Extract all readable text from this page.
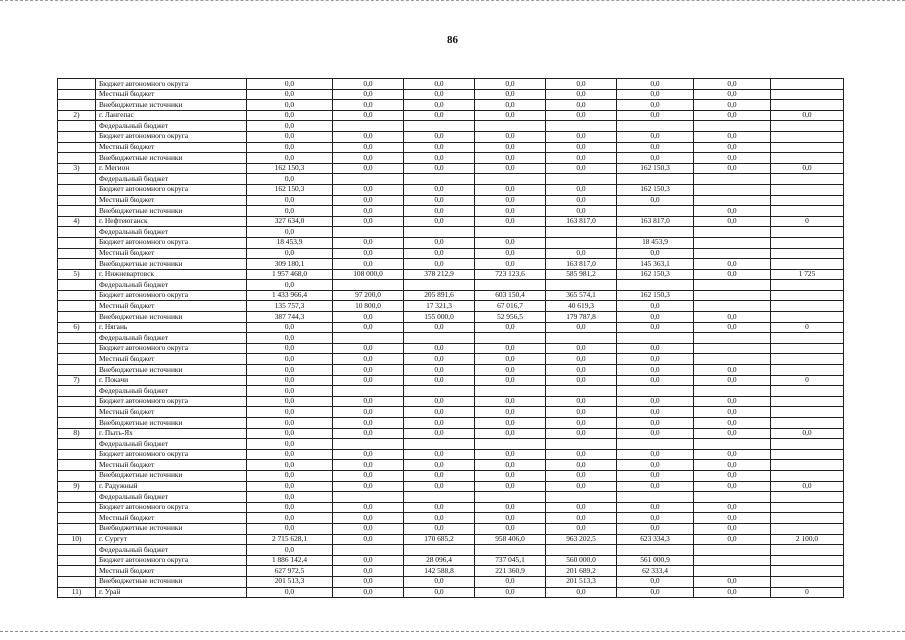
86
	Бюджет автономного округа	0,0	0,0	0,0	0,0	0,0	0,0	0,0	
	Местный бюджет	0,0	0,0	0,0	0,0	0,0	0,0	0,0	
	Внебюджетные источники	0,0	0,0	0,0	0,0	0,0	0,0	0,0	
2)	г. Лангепас	0,0	0,0	0,0	0,0	0,0	0,0	0,0	0,0
	Федеральный бюджет	0,0							
	Бюджет автономного округа	0,0	0,0	0,0	0,0	0,0	0,0	0,0	
	Местный бюджет	0,0	0,0	0,0	0,0	0,0	0,0	0,0	
	Внебюджетные источники	0,0	0,0	0,0	0,0	0,0	0,0	0,0	
3)	г. Мегион	162 150,3	0,0	0,0	0,0	0,0	162 150,3	0,0	0,0
	Федеральный бюджет	0,0							
	Бюджет автономного округа	162 150,3	0,0	0,0	0,0	0,0	162 150,3		
	Местный бюджет	0,0	0,0	0,0	0,0	0,0	0,0		
	Внебюджетные источники	0,0	0,0	0,0	0,0	0,0		0,0	
4)	г. Нефтеюганск	327 634,0	0,0	0,0	0,0	163 817,0	163 817,0	0,0	0
	Федеральный бюджет	0,0							
	Бюджет автономного округа	18 453,9	0,0	0,0	0,0		18 453,9		
	Местный бюджет	0,0	0,0	0,0	0,0	0,0	0,0		
	Внебюджетные источники	309 180,1	0,0	0,0	0,0	163 817,0	145 363,1	0,0	
5)	г. Нижневартовск	1 957 468,0	108 000,0	378 212,9	723 123,6	585 981,2	162 150,3	0,0	1 725
	Федеральный бюджет	0,0							
	Бюджет автономного округа	1 433 966,4	97 200,0	205 891,6	603 150,4	365 574,1	162 150,3		
	Местный бюджет	135 757,3	10 800,0	17 321,3	67 016,7	40 619,3	0,0		
	Внебюджетные источники	387 744,3	0,0	155 000,0	52 956,5	179 787,8	0,0	0,0	
6)	г. Нягань	0,0	0,0	0,0	0,0	0,0	0,0	0,0	0
	Федеральный бюджет	0,0							
	Бюджет автономного округа	0,0	0,0	0,0	0,0	0,0	0,0		
	Местный бюджет	0,0	0,0	0,0	0,0	0,0	0,0		
	Внебюджетные источники	0,0	0,0	0,0	0,0	0,0	0,0	0,0	
7)	г. Покачи	0,0	0,0	0,0	0,0	0,0	0,0	0,0	0
	Федеральный бюджет	0,0							
	Бюджет автономного округа	0,0	0,0	0,0	0,0	0,0	0,0	0,0	
	Местный бюджет	0,0	0,0	0,0	0,0	0,0	0,0	0,0	
	Внебюджетные источники	0,0	0,0	0,0	0,0	0,0	0,0	0,0	
8)	г. Пыть-Ях	0,0	0,0	0,0	0,0	0,0	0,0	0,0	0,0
	Федеральный бюджет	0,0							
	Бюджет автономного округа	0,0	0,0	0,0	0,0	0,0	0,0	0,0	
	Местный бюджет	0,0	0,0	0,0	0,0	0,0	0,0	0,0	
	Внебюджетные источники	0,0	0,0	0,0	0,0	0,0	0,0	0,0	
9)	г. Радужный	0,0	0,0	0,0	0,0	0,0	0,0	0,0	0,0
	Федеральный бюджет	0,0							
	Бюджет автономного округа	0,0	0,0	0,0	0,0	0,0	0,0	0,0	
	Местный бюджет	0,0	0,0	0,0	0,0	0,0	0,0	0,0	
	Внебюджетные источники	0,0	0,0	0,0	0,0	0,0	0,0	0,0	
10)	г. Сургут	2 715 628,1	0,0	170 685,2	958 406,0	963 202,5	623 334,3	0,0	2 100,0
	Федеральный бюджет	0,0							
	Бюджет автономного округа	1 886 142,4	0,0	28 096,4	737 045,1	560 000,0	561 000,9		
	Местный бюджет	627 972,5	0,0	142 588,8	221 360,9	201 689,2	62 333,4		
	Внебюджетные источники	201 513,3	0,0	0,0	0,0	201 513,3	0,0	0,0	
11)	г. Урай	0,0	0,0	0,0	0,0	0,0	0,0	0,0	0
